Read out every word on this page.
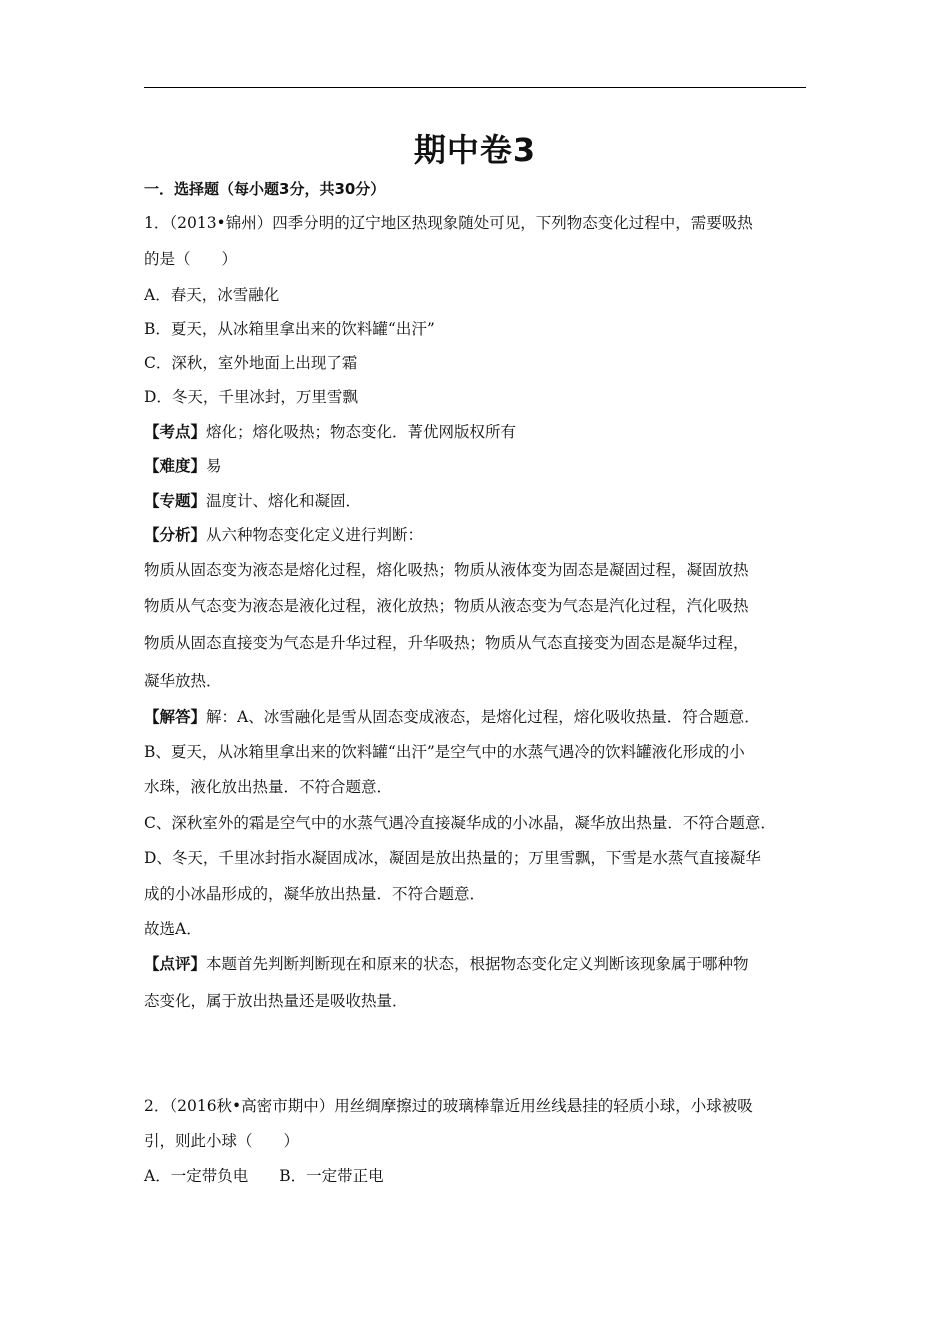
期中卷3
一．选择题（每小题3分，共30分）
1．（2013•锦州）四季分明的辽宁地区热现象随处可见，下列物态变化过程中，需要吸热
的是（　　）
A．春天，冰雪融化
B．夏天，从冰箱里拿出来的饮料罐“出汗”
C．深秋，室外地面上出现了霜
D．冬天，千里冰封，万里雪飘
【考点】熔化；熔化吸热；物态变化．菁优网版权所有
【难度】易
【专题】温度计、熔化和凝固．
【分析】从六种物态变化定义进行判断：
物质从固态变为液态是熔化过程，熔化吸热；物质从液体变为固态是凝固过程，凝固放热
物质从气态变为液态是液化过程，液化放热；物质从液态变为气态是汽化过程，汽化吸热
物质从固态直接变为气态是升华过程，升华吸热；物质从气态直接变为固态是凝华过程，
凝华放热．
【解答】解：A、冰雪融化是雪从固态变成液态，是熔化过程，熔化吸收热量．符合题意．
B、夏天，从冰箱里拿出来的饮料罐“出汗”是空气中的水蒸气遇冷的饮料罐液化形成的小
水珠，液化放出热量．不符合题意．
C、深秋室外的霜是空气中的水蒸气遇冷直接凝华成的小冰晶，凝华放出热量．不符合题意．
D、冬天，千里冰封指水凝固成冰，凝固是放出热量的；万里雪飘，下雪是水蒸气直接凝华
成的小冰晶形成的，凝华放出热量．不符合题意．
故选A．
【点评】本题首先判断判断现在和原来的状态，根据物态变化定义判断该现象属于哪种物
态变化，属于放出热量还是吸收热量．
2．（2016秋•高密市期中）用丝绸摩擦过的玻璃棒靠近用丝线悬挂的轻质小球，小球被吸
引，则此小球（　　）
A．一定带负电　　B．一定带正电
